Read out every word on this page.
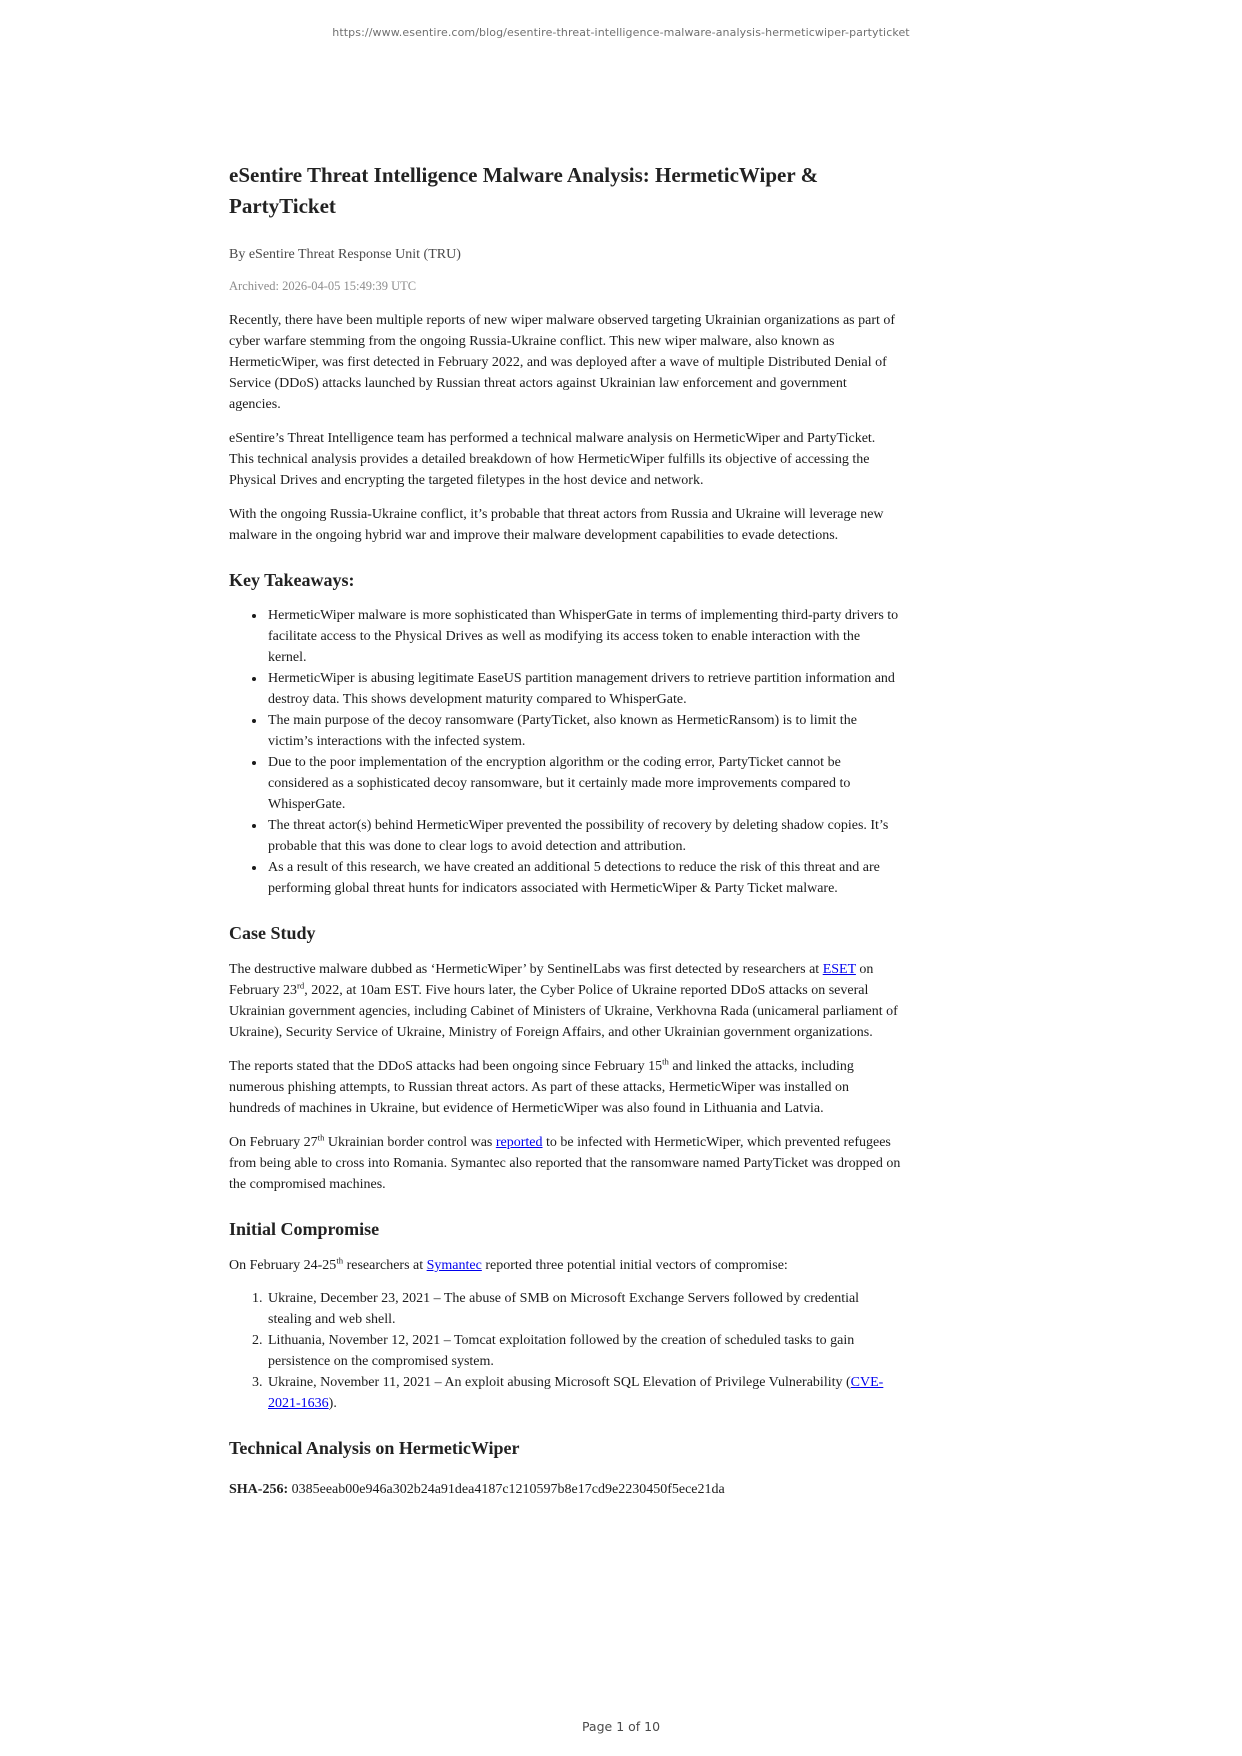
https://www.esentire.com/blog/esentire-threat-intelligence-malware-analysis-hermeticwiper-partyticket
eSentire Threat Intelligence Malware Analysis: HermeticWiper & PartyTicket
By eSentire Threat Response Unit (TRU)
Archived: 2026-04-05 15:49:39 UTC

Recently, there have been multiple reports of new wiper malware observed targeting Ukrainian organizations as part of cyber warfare stemming from the ongoing Russia-Ukraine conflict. This new wiper malware, also known as HermeticWiper, was first detected in February 2022, and was deployed after a wave of multiple Distributed Denial of Service (DDoS) attacks launched by Russian threat actors against Ukrainian law enforcement and government agencies.

eSentire’s Threat Intelligence team has performed a technical malware analysis on HermeticWiper and PartyTicket. This technical analysis provides a detailed breakdown of how HermeticWiper fulfills its objective of accessing the Physical Drives and encrypting the targeted filetypes in the host device and network.

With the ongoing Russia-Ukraine conflict, it’s probable that threat actors from Russia and Ukraine will leverage new malware in the ongoing hybrid war and improve their malware development capabilities to evade detections.

Key Takeaways:
• HermeticWiper malware is more sophisticated than WhisperGate in terms of implementing third-party drivers to facilitate access to the Physical Drives as well as modifying its access token to enable interaction with the kernel.
• HermeticWiper is abusing legitimate EaseUS partition management drivers to retrieve partition information and destroy data. This shows development maturity compared to WhisperGate.
• The main purpose of the decoy ransomware (PartyTicket, also known as HermeticRansom) is to limit the victim’s interactions with the infected system.
• Due to the poor implementation of the encryption algorithm or the coding error, PartyTicket cannot be considered as a sophisticated decoy ransomware, but it certainly made more improvements compared to WhisperGate.
• The threat actor(s) behind HermeticWiper prevented the possibility of recovery by deleting shadow copies. It’s probable that this was done to clear logs to avoid detection and attribution.
• As a result of this research, we have created an additional 5 detections to reduce the risk of this threat and are performing global threat hunts for indicators associated with HermeticWiper & Party Ticket malware.
Case Study

The destructive malware dubbed as ‘HermeticWiper’ by SentinelLabs was first detected by researchers at ESET on February 23rd, 2022, at 10am EST. Five hours later, the Cyber Police of Ukraine reported DDoS attacks on several Ukrainian government agencies, including Cabinet of Ministers of Ukraine, Verkhovna Rada (unicameral parliament of Ukraine), Security Service of Ukraine, Ministry of Foreign Affairs, and other Ukrainian government organizations.

The reports stated that the DDoS attacks had been ongoing since February 15th and linked the attacks, including numerous phishing attempts, to Russian threat actors. As part of these attacks, HermeticWiper was installed on hundreds of machines in Ukraine, but evidence of HermeticWiper was also found in Lithuania and Latvia.

On February 27th Ukrainian border control was reported to be infected with HermeticWiper, which prevented refugees from being able to cross into Romania. Symantec also reported that the ransomware named PartyTicket was dropped on the compromised machines.

Initial Compromise

On February 24-25th researchers at Symantec reported three potential initial vectors of compromise:

1. Ukraine, December 23, 2021 – The abuse of SMB on Microsoft Exchange Servers followed by credential stealing and web shell.
2. Lithuania, November 12, 2021 – Tomcat exploitation followed by the creation of scheduled tasks to gain persistence on the compromised system.
3. Ukraine, November 11, 2021 – An exploit abusing Microsoft SQL Elevation of Privilege Vulnerability (CVE-2021-1636).
Technical Analysis on HermeticWiper

SHA-256: 0385eeab00e946a302b24a91dea4187c1210597b8e17cd9e2230450f5ece21da

Page 1 of 10
